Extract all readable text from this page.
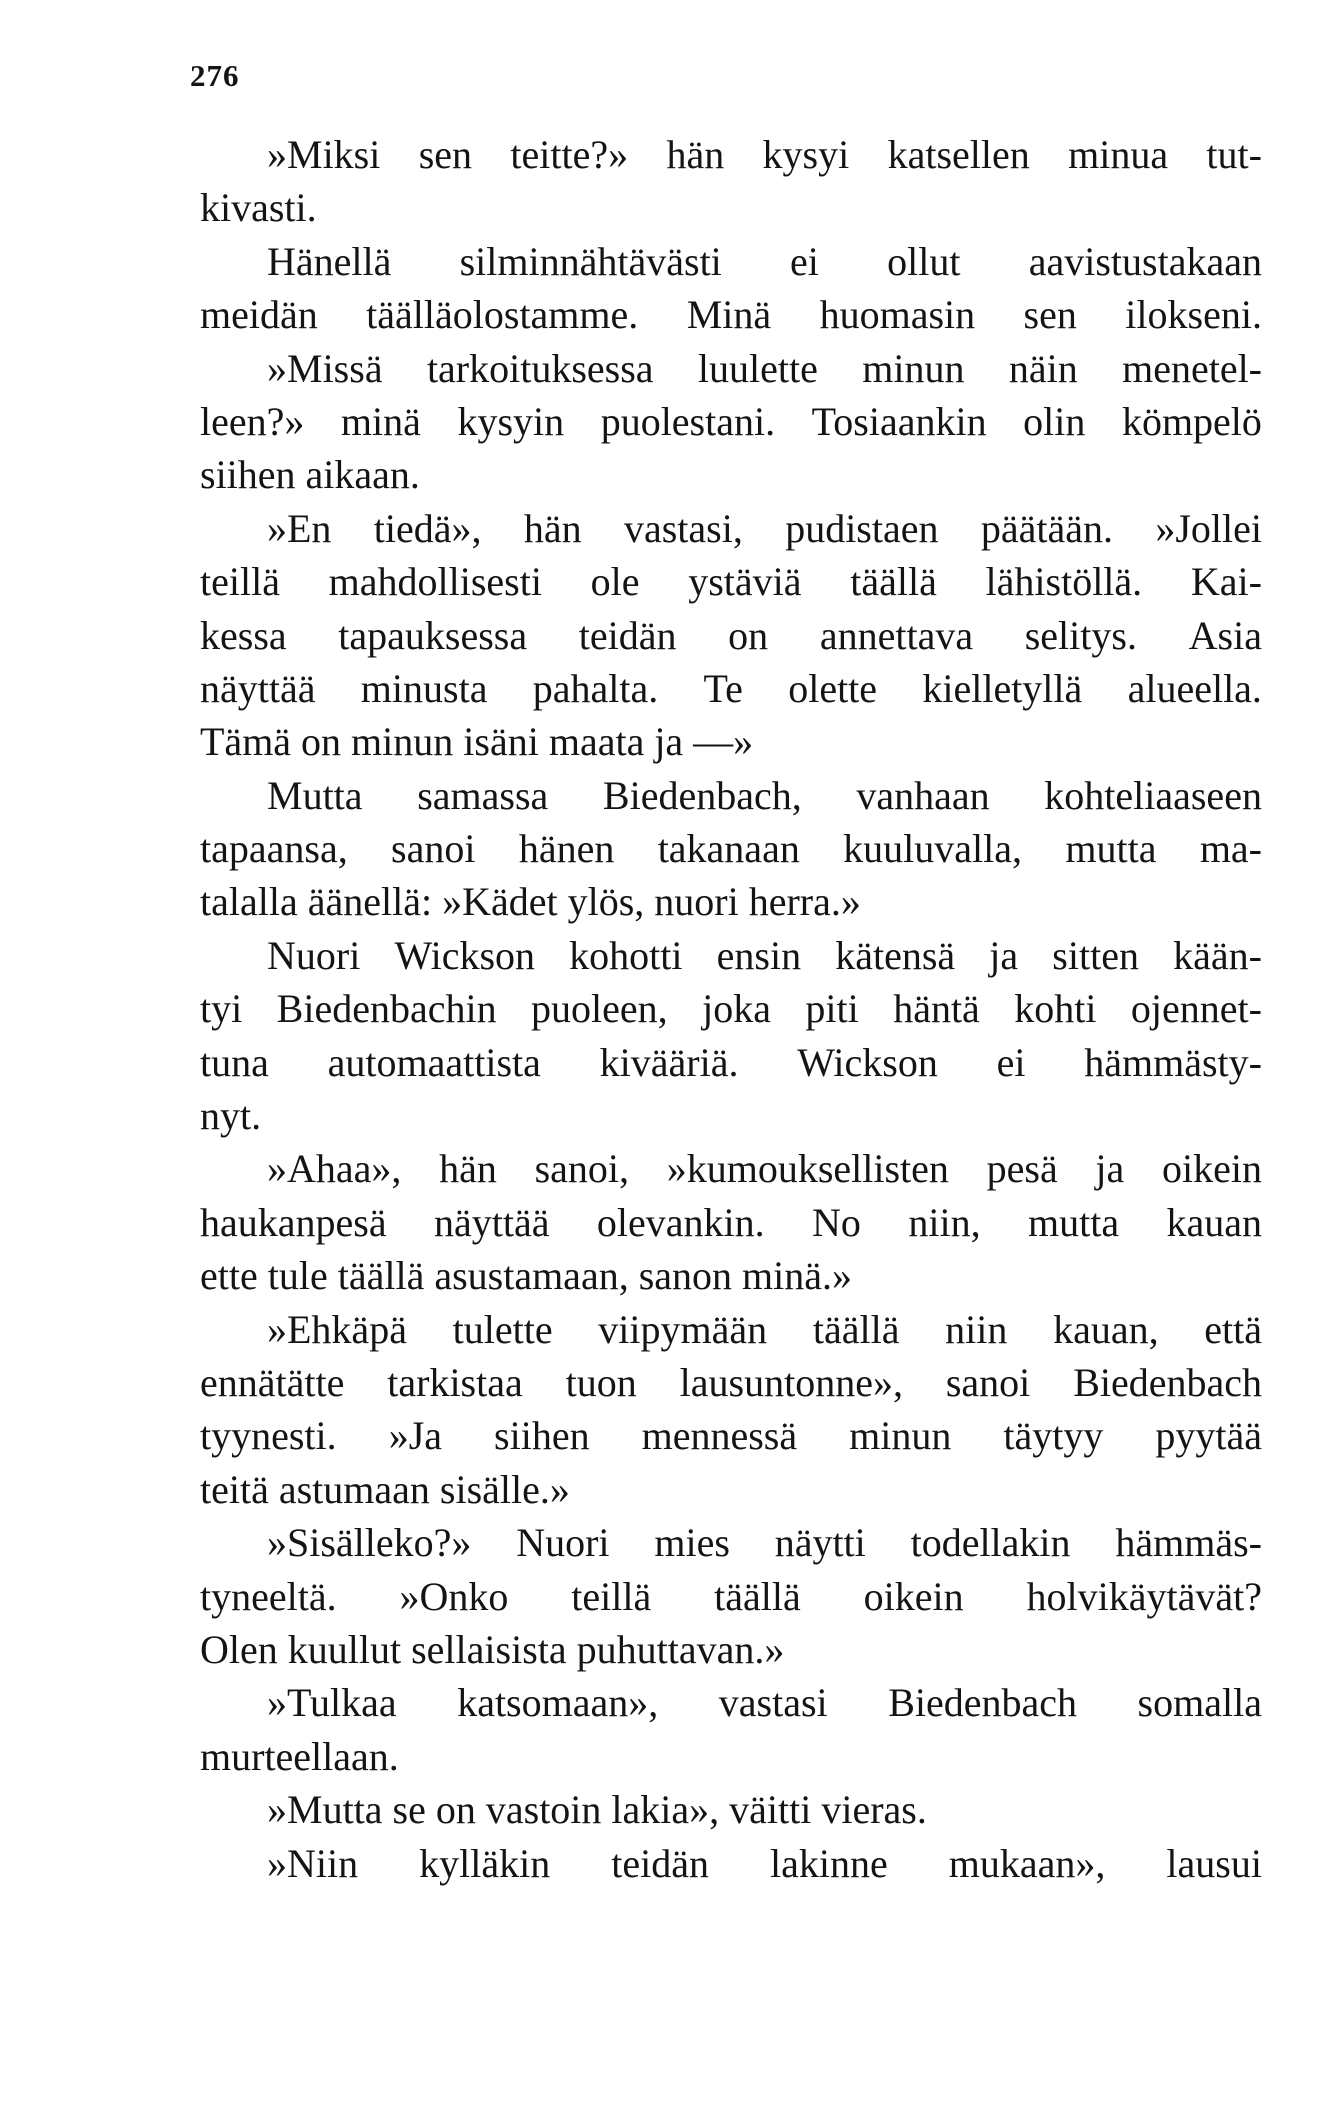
276
»Miksi sen teitte?» hän kysyi katsellen minua tut-
kivasti.
Hänellä silminnähtävästi ei ollut aavistustakaan
meidän täälläolostamme. Minä huomasin sen ilokseni.
»Missä tarkoituksessa luulette minun näin menetel-
leen?» minä kysyin puolestani. Tosiaankin olin kömpelö
siihen aikaan.
»En tiedä», hän vastasi, pudistaen päätään. »Jollei
teillä mahdollisesti ole ystäviä täällä lähistöllä. Kai-
kessa tapauksessa teidän on annettava selitys. Asia
näyttää minusta pahalta. Te olette kielletyllä alueella.
Tämä on minun isäni maata ja —»
Mutta samassa Biedenbach, vanhaan kohteliaaseen
tapaansa, sanoi hänen takanaan kuuluvalla, mutta ma-
talalla äänellä: »Kädet ylös, nuori herra.»
Nuori Wickson kohotti ensin kätensä ja sitten kään-
tyi Biedenbachin puoleen, joka piti häntä kohti ojennet-
tuna automaattista kivääriä. Wickson ei hämmästy-
nyt.
»Ahaa», hän sanoi, »kumouksellisten pesä ja oikein
haukanpesä näyttää olevankin. No niin, mutta kauan
ette tule täällä asustamaan, sanon minä.»
»Ehkäpä tulette viipymään täällä niin kauan, että
ennätätte tarkistaa tuon lausuntonne», sanoi Biedenbach
tyynesti. »Ja siihen mennessä minun täytyy pyytää
teitä astumaan sisälle.»
»Sisälleko?» Nuori mies näytti todellakin hämmäs-
tyneeltä. »Onko teillä täällä oikein holvikäytävät?
Olen kuullut sellaisista puhuttavan.»
»Tulkaa katsomaan», vastasi Biedenbach somalla
murteellaan.
»Mutta se on vastoin lakia», väitti vieras.
»Niin kylläkin teidän lakinne mukaan», lausui
